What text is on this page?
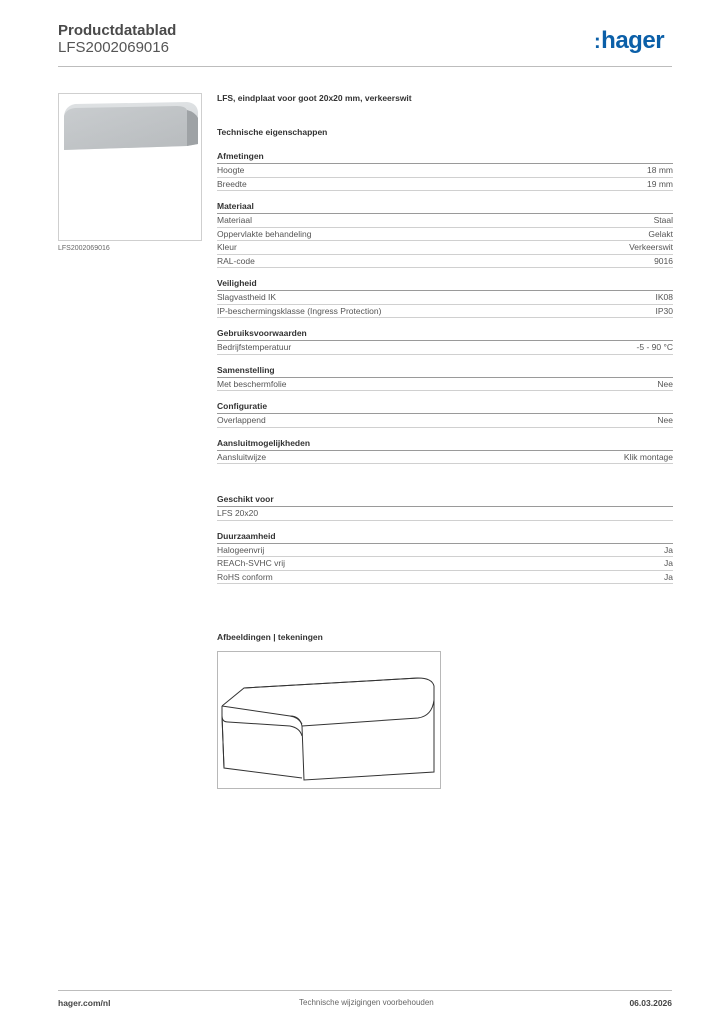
Productdatablad
LFS2002069016	:hager
LFS2002069016
LFS, eindplaat voor goot 20x20 mm, verkeerswit
Technische eigenschappen
Afmetingen
Hoogte	18 mm
Breedte	19 mm
Materiaal
Materiaal	Staal
Oppervlakte behandeling	Gelakt
Kleur	Verkeerswit
RAL-code	9016
Veiligheid
Slagvastheid IK	IK08
IP-beschermingsklasse (Ingress Protection)	IP30
Gebruiksvoorwaarden
Bedrijfstemperatuur	-5 - 90 °C
Samenstelling
Met beschermfolie	Nee
Configuratie
Overlappend	Nee
Aansluitmogelijkheden
Aansluitwijze	Klik montage
Geschikt voor
LFS 20x20
Duurzaamheid
Halogeenvrij	Ja
REACh-SVHC vrij	Ja
RoHS conform	Ja
Afbeeldingen | tekeningen
hager.com/nl	Technische wijzigingen voorbehouden	06.03.2026
